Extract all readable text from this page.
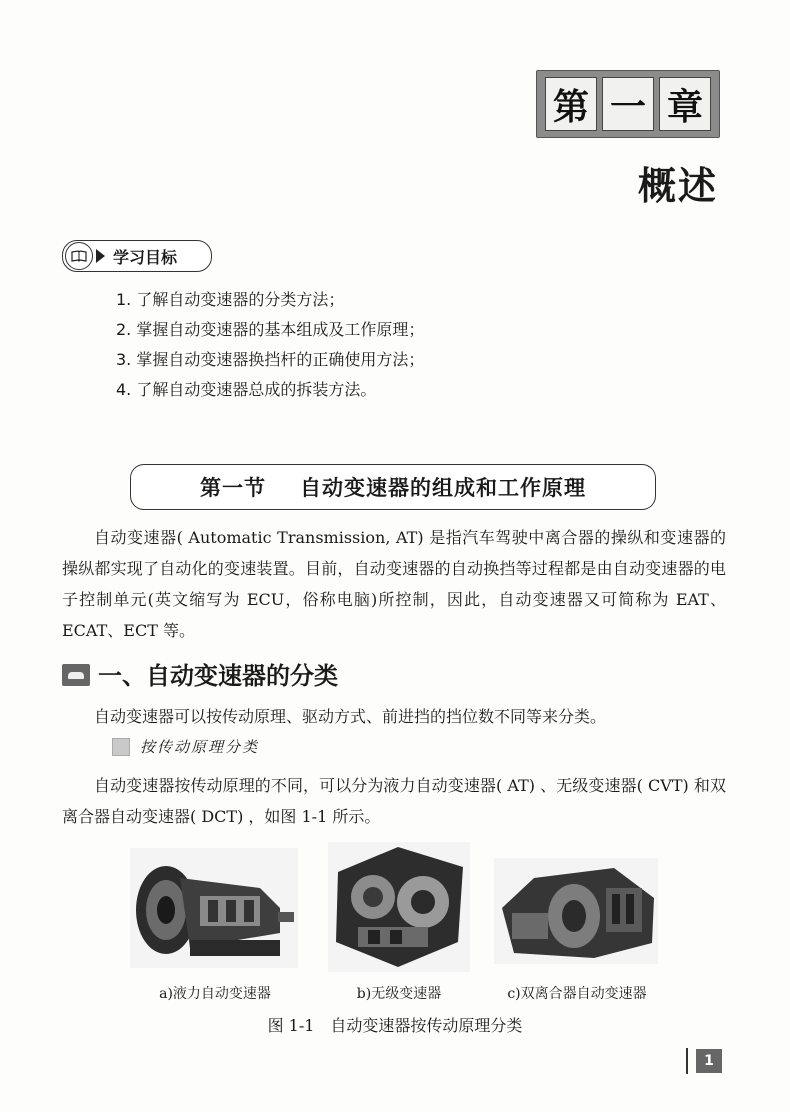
第 一 章
概述
学习目标
1. 了解自动变速器的分类方法；
2. 掌握自动变速器的基本组成及工作原理；
3. 掌握自动变速器换挡杆的正确使用方法；
4. 了解自动变速器总成的拆装方法。
第一节 自动变速器的组成和工作原理
自动变速器( Automatic Transmission, AT) 是指汽车驾驶中离合器的操纵和变速器的操纵都实现了自动化的变速装置。目前，自动变速器的自动换挡等过程都是由自动变速器的电子控制单元(英文缩写为 ECU，俗称电脑)所控制，因此，自动变速器又可简称为 EAT、ECAT、ECT 等。
一、自动变速器的分类
自动变速器可以按传动原理、驱动方式、前进挡的挡位数不同等来分类。
按传动原理分类
自动变速器按传动原理的不同，可以分为液力自动变速器( AT) 、无级变速器( CVT) 和双离合器自动变速器( DCT) ，如图 1-1 所示。
a)液力自动变速器	b)无级变速器	c)双离合器自动变速器
图 1-1　自动变速器按传动原理分类
1
